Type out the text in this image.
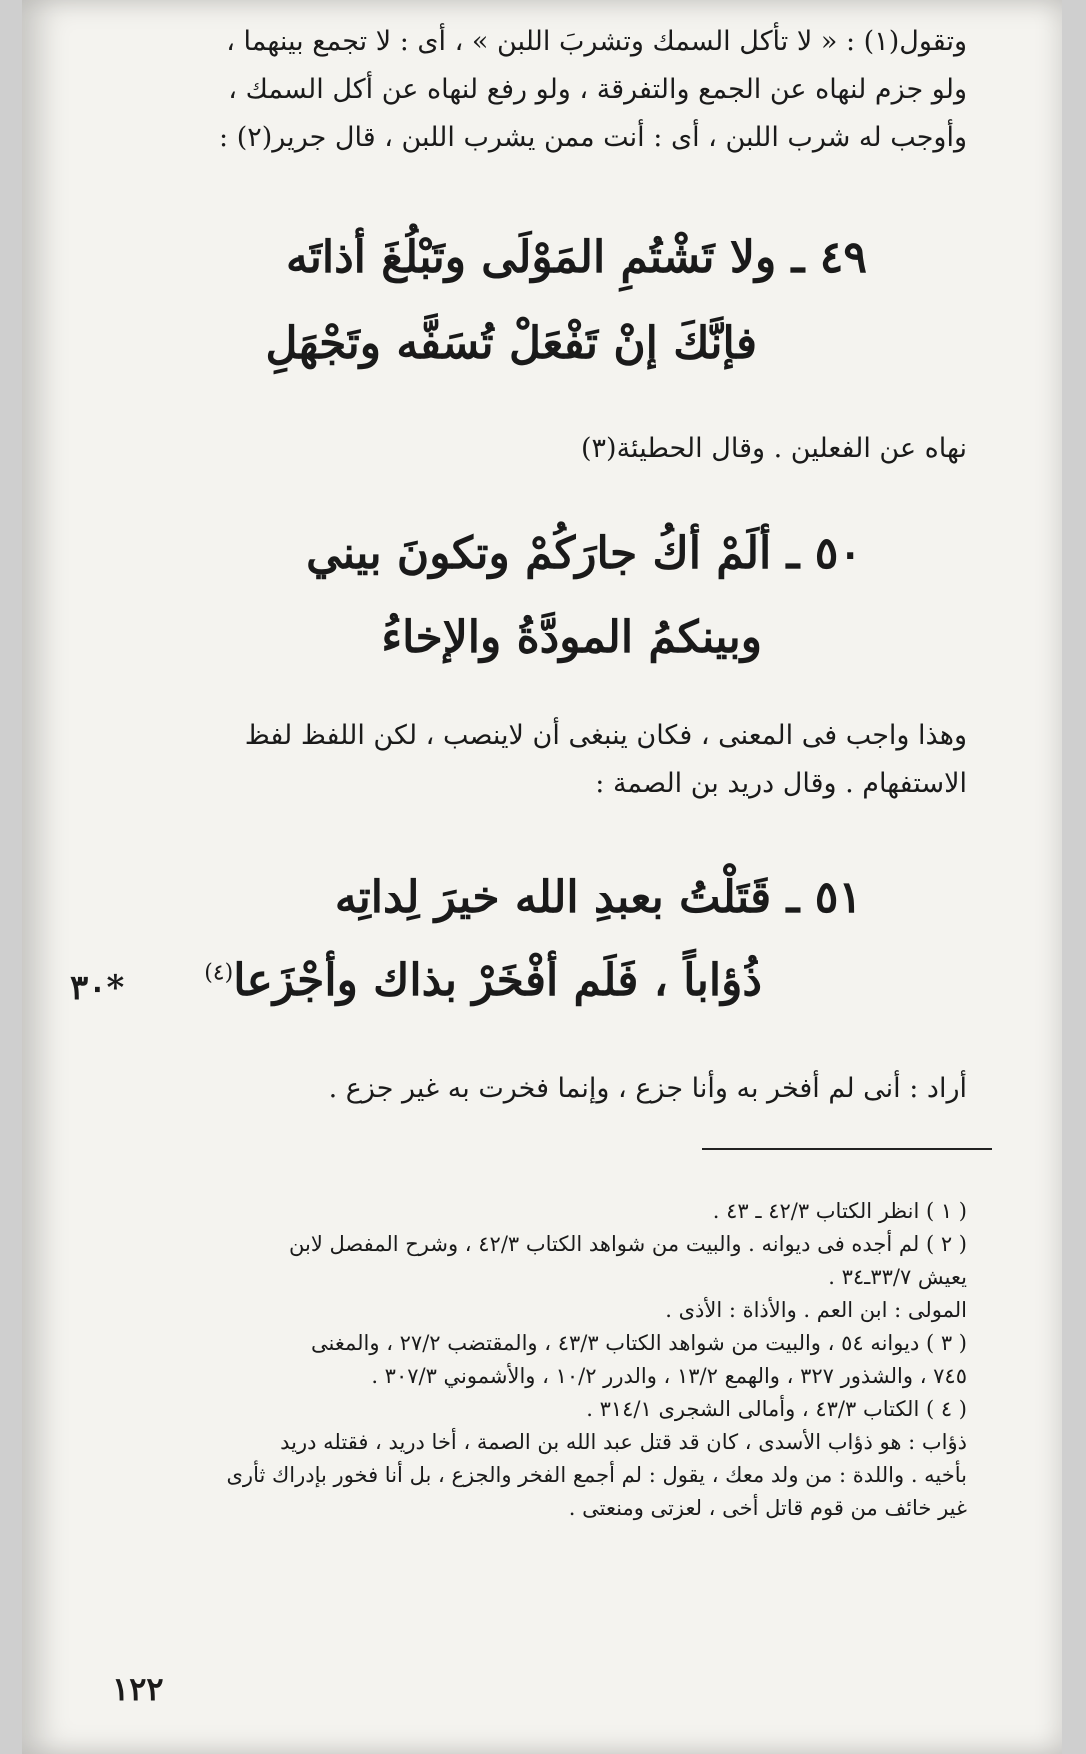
وتقول(١) : « لا تأكل السمك وتشربَ اللبن » ، أى : لا تجمع بينهما ،

ولو جزم لنهاه عن الجمع والتفرقة ، ولو رفع لنهاه عن أكل السمك ،

وأوجب له شرب اللبن ، أى : أنت ممن يشرب اللبن ، قال جرير(٢) :

٤٩ ـ ولا تَشْتُمِ المَوْلَى وتَبْلُغَ أذاتَه
فإنَّكَ إنْ تَفْعَلْ تُسَفَّه وتَجْهَلِ

نهاه عن الفعلين . وقال الحطيئة(٣)

٥٠ ـ ألَمْ أكُ جارَكُمْ وتكونَ بيني
وبينكمُ المودَّةُ والإخاءُ

وهذا واجب فى المعنى ، فكان ينبغى أن لاينصب ، لكن اللفظ لفظ

الاستفهام . وقال دريد بن الصمة :

٥١ ـ قَتَلْتُ بعبدِ الله خيرَ لِداتِه
ذُؤاباً ، فَلَم أفْخَرْ بذاك وأجْزَعا$^{(٤)}$
*٣٠

أراد : أنى لم أفخر به وأنا جزع ، وإنما فخرت به غير جزع .

( ١ ) انظر الكتاب ٤٢/٣ ـ ٤٣ .

( ٢ ) لم أجده فى ديوانه . والبيت من شواهد الكتاب ٤٢/٣ ، وشرح المفصل لابن

يعيش ٣٣/٧ـ٣٤ .

المولى : ابن العم . والأذاة : الأذى .

( ٣ ) ديوانه ٥٤ ، والبيت من شواهد الكتاب ٤٣/٣ ، والمقتضب ٢٧/٢ ، والمغنى

٧٤٥ ، والشذور ٣٢٧ ، والهمع ١٣/٢ ، والدرر ١٠/٢ ، والأشموني ٣٠٧/٣ .

( ٤ ) الكتاب ٤٣/٣ ، وأمالى الشجرى ٣١٤/١ .

ذؤاب : هو ذؤاب الأسدى ، كان قد قتل عبد الله بن الصمة ، أخا دريد ، فقتله دريد

بأخيه . واللدة : من ولد معك ، يقول : لم أجمع الفخر والجزع ، بل أنا فخور بإدراك ثأرى

غير خائف من قوم قاتل أخى ، لعزتى ومنعتى .

١٢٢
